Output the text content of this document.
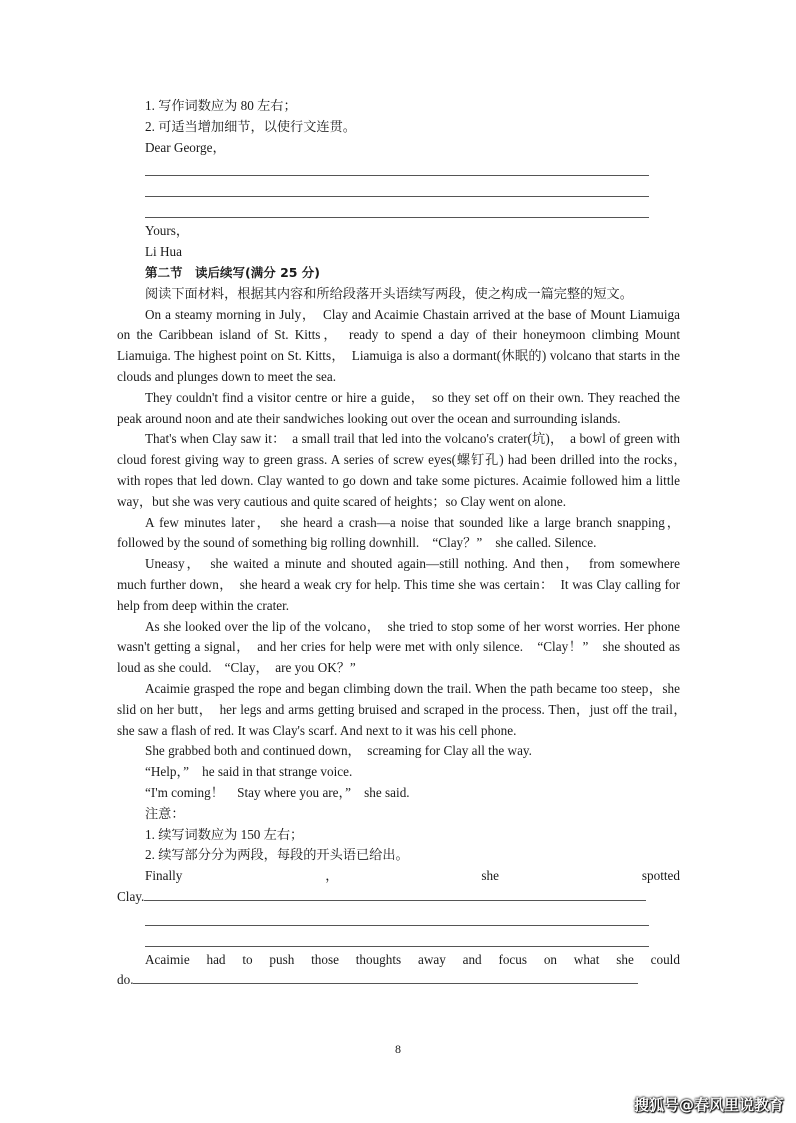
1. 写作词数应为 80 左右；
2. 可适当增加细节，以使行文连贯。
Dear George，
Yours，
Li Hua
第二节　读后续写(满分 25 分)
阅读下面材料，根据其内容和所给段落开头语续写两段，使之构成一篇完整的短文。
On a steamy morning in July，　Clay and Acaimie Chastain arrived at the base of Mount Liamuiga on the Caribbean island of St. Kitts，　ready to spend a day of their honeymoon climbing Mount Liamuiga. The highest point on St. Kitts，　Liamuiga is also a dormant(休眠的) volcano that starts in the clouds and plunges down to meet the sea.
They couldn't find a visitor centre or hire a guide，　so they set off on their own. They reached the peak around noon and ate their sandwiches looking out over the ocean and surrounding islands.
That's when Clay saw it：　a small trail that led into the volcano's crater(坑)，　a bowl of green with cloud forest giving way to green grass. A series of screw eyes(螺钉孔) had been drilled into the rocks，　with ropes that led down. Clay wanted to go down and take some pictures. Acaimie followed him a little way，but she was very cautious and quite scared of heights；so Clay went on alone.
A few minutes later，　she heard a crash—a noise that sounded like a large branch snapping，followed by the sound of something big rolling downhill.　“Clay？”　she called. Silence.
Uneasy，　she waited a minute and shouted again—still nothing. And then，　from somewhere much further down，　she heard a weak cry for help. This time she was certain：　It was Clay calling for help from deep within the crater.
As she looked over the lip of the volcano，　she tried to stop some of her worst worries. Her phone wasn't getting a signal，　and her cries for help were met with only silence.　“Clay！”　she shouted as loud as she could.　“Clay，　are you OK？”
Acaimie grasped the rope and began climbing down the trail. When the path became too steep，she slid on her butt，　her legs and arms getting bruised and scraped in the process. Then，just off the trail，　she saw a flash of red. It was Clay's scarf. And next to it was his cell phone.
She grabbed both and continued down，　screaming for Clay all the way.
“Help，”　he said in that strange voice.
“I'm coming！　Stay where you are，”　she said.
注意：
1. 续写词数应为 150 左右；
2. 续写部分分为两段，每段的开头语已给出。
Finally	，	she	spotted
Clay.
Acaimie had to push those thoughts away and focus on what she could
do.
8
搜狐号@春风里说教育
